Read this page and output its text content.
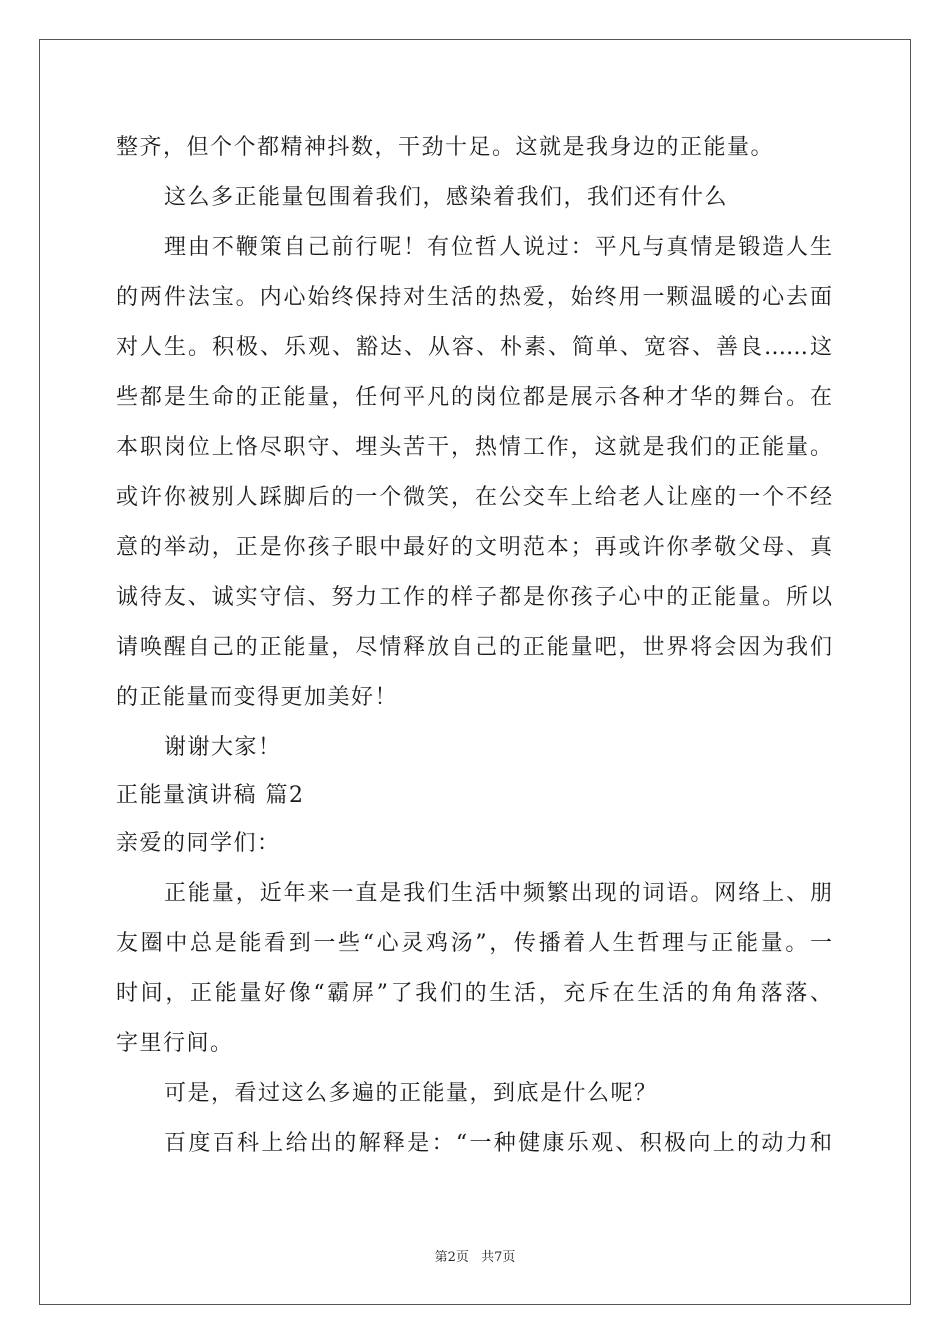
整齐，但个个都精神抖数，干劲十足。这就是我身边的正能量。
这么多正能量包围着我们，感染着我们，我们还有什么
理由不鞭策自己前行呢！有位哲人说过：平凡与真情是锻造人生
的两件法宝。内心始终保持对生活的热爱，始终用一颗温暖的心去面
对人生。积极、乐观、豁达、从容、朴素、简单、宽容、善良……这
些都是生命的正能量，任何平凡的岗位都是展示各种才华的舞台。在
本职岗位上恪尽职守、埋头苦干，热情工作，这就是我们的正能量。
或许你被别人踩脚后的一个微笑，在公交车上给老人让座的一个不经
意的举动，正是你孩子眼中最好的文明范本；再或许你孝敬父母、真
诚待友、诚实守信、努力工作的样子都是你孩子心中的正能量。所以
请唤醒自己的正能量，尽情释放自己的正能量吧，世界将会因为我们
的正能量而变得更加美好！
谢谢大家！
正能量演讲稿 篇2
亲爱的同学们：
正能量，近年来一直是我们生活中频繁出现的词语。网络上、朋
友圈中总是能看到一些“心灵鸡汤”，传播着人生哲理与正能量。一
时间，正能量好像“霸屏”了我们的生活，充斥在生活的角角落落、
字里行间。
可是，看过这么多遍的正能量，到底是什么呢？
百度百科上给出的解释是：“一种健康乐观、积极向上的动力和
第2页 共7页
